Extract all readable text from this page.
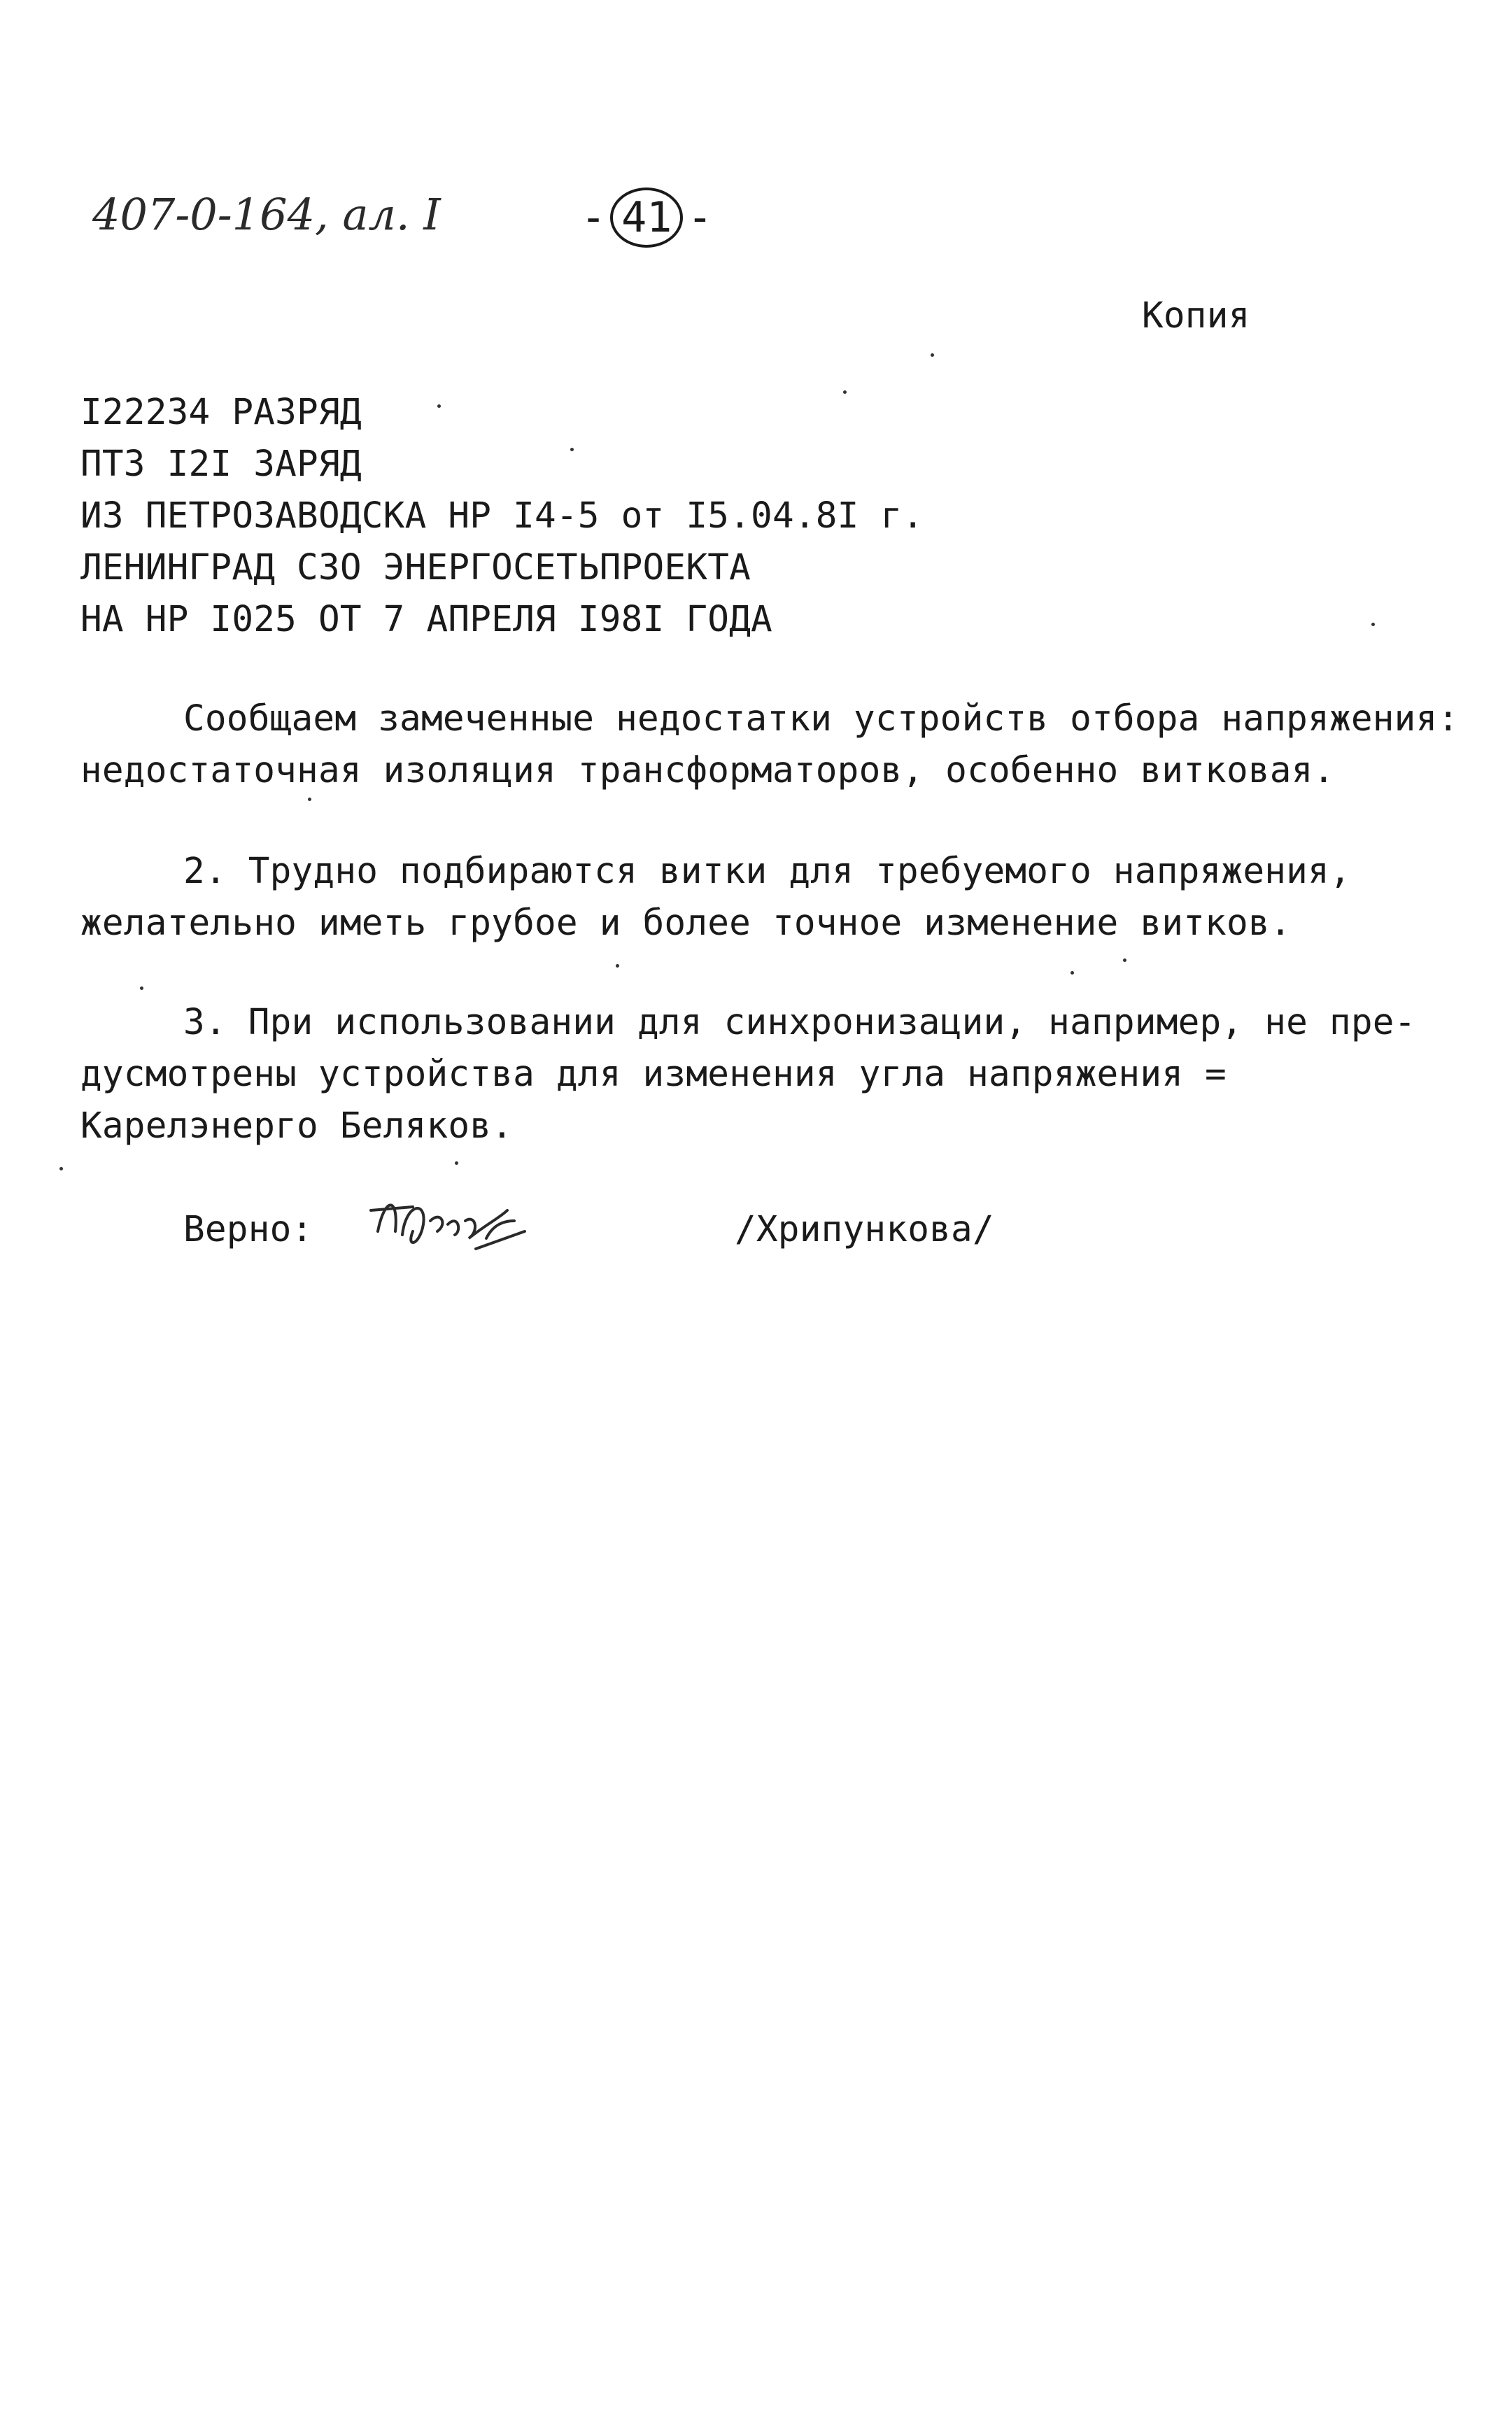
407-0-164, ал. I	- 41 -
Копия
I22234 РАЗРЯД
ПТЗ I2I ЗАРЯД
ИЗ ПЕТРОЗАВОДСКА НР I4-5 от I5.04.8I г.
ЛЕНИНГРАД СЗО ЭНЕРГОСЕТЬПРОЕКТА
НА НР I025 ОТ 7 АПРЕЛЯ I98I ГОДА
Сообщаем замеченные недостатки устройств отбора напряжения:
недостаточная изоляция трансформаторов, особенно витковая.
2. Трудно подбираются витки для требуемого напряжения,
желательно иметь грубое и более точное изменение витков.
3. При использовании для синхронизации, например, не пре-
дусмотрены устройства для изменения угла напряжения =
Карелэнерго Беляков.
Верно:	/Хрипункова/
